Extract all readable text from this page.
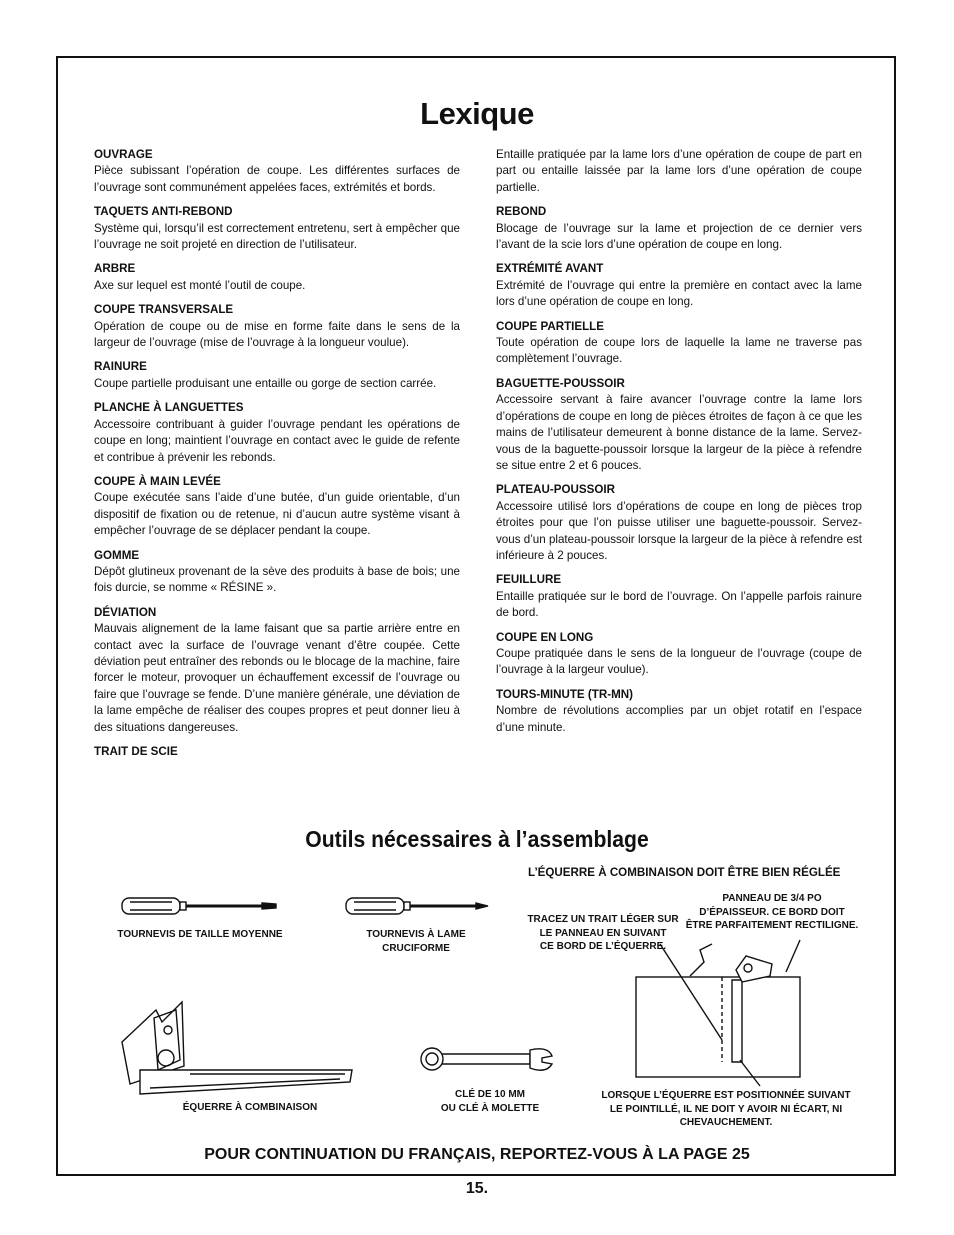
Lexique
OUVRAGE
Pièce subissant l’opération de coupe. Les différentes surfaces de l’ouvrage sont communément appelées faces, extrémités et bords.
TAQUETS ANTI-REBOND
Système qui, lorsqu’il est correctement entretenu, sert à empêcher que l’ouvrage ne soit projeté en direction de l’utilisateur.
ARBRE
Axe sur lequel est monté l’outil de coupe.
COUPE TRANSVERSALE
Opération de coupe ou de mise en forme faite dans le sens de la largeur de l’ouvrage (mise de l’ouvrage à la longueur voulue).
RAINURE
Coupe partielle produisant une entaille ou gorge de section carrée.
PLANCHE À LANGUETTES
Accessoire contribuant à guider l’ouvrage pendant les opérations de coupe en long; maintient l’ouvrage en contact avec le guide de refente et contribue à prévenir les rebonds.
COUPE À MAIN LEVÉE
Coupe exécutée sans l’aide d’une butée, d’un guide orientable, d’un dispositif de fixation ou de retenue, ni d’aucun autre système visant à empêcher l’ouvrage de se déplacer pendant la coupe.
GOMME
Dépôt glutineux provenant de la sève des produits à base de bois; une fois durcie, se nomme « RÉSINE ».
DÉVIATION
Mauvais alignement de la lame faisant que sa partie arrière entre en contact avec la surface de l’ouvrage venant d’être coupée. Cette déviation peut entraîner des rebonds ou le blocage de la machine, faire forcer le moteur, provoquer un échauffement excessif de l’ouvrage ou faire que l’ouvrage se fende. D’une manière générale, une déviation de la lame empêche de réaliser des coupes propres et peut donner lieu à des situations dangereuses.
TRAIT DE SCIE
Entaille pratiquée par la lame lors d’une opération de coupe de part en part ou entaille laissée par la lame lors d’une opération de coupe partielle.
REBOND
Blocage de l’ouvrage sur la lame et projection de ce dernier vers l’avant de la scie lors d’une opération de coupe en long.
EXTRÉMITÉ AVANT
Extrémité de l’ouvrage qui entre la première en contact avec la lame lors d’une opération de coupe en long.
COUPE PARTIELLE
Toute opération de coupe lors de laquelle la lame ne traverse pas complètement l’ouvrage.
BAGUETTE-POUSSOIR
Accessoire servant à faire avancer l’ouvrage contre la lame lors d’opérations de coupe en long de pièces étroites de façon à ce que les mains de l’utilisateur demeurent à bonne distance de la lame. Servez-vous de la baguette-poussoir lorsque la largeur de la pièce à refendre se situe entre 2 et 6 pouces.
PLATEAU-POUSSOIR
Accessoire utilisé lors d’opérations de coupe en long de pièces trop étroites pour que l’on puisse utiliser une baguette-poussoir. Servez-vous d’un plateau-poussoir lorsque la largeur de la pièce à refendre est inférieure à 2 pouces.
FEUILLURE
Entaille pratiquée sur le bord de l’ouvrage. On l’appelle parfois rainure de bord.
COUPE EN LONG
Coupe pratiquée dans le sens de la longueur de l’ouvrage (coupe de l’ouvrage à la largeur voulue).
TOURS-MINUTE (TR-MN)
Nombre de révolutions accomplies par un objet rotatif en l’espace d’une minute.
Outils nécessaires à l’assemblage
L’ÉQUERRE À COMBINAISON DOIT ÊTRE BIEN RÉGLÉE
TOURNEVIS DE TAILLE MOYENNE	TOURNEVIS À LAME
CRUCIFORME
ÉQUERRE À COMBINAISON
CLÉ DE 10 MM
OU CLÉ À MOLETTE
TRACEZ UN TRAIT LÉGER SUR
LE PANNEAU EN SUIVANT
CE BORD DE L’ÉQUERRE.
PANNEAU DE 3/4 PO
D’ÉPAISSEUR. CE BORD DOIT
ÊTRE PARFAITEMENT RECTILIGNE.
LORSQUE L’ÉQUERRE EST POSITIONNÉE SUIVANT
LE POINTILLÉ, IL NE DOIT Y AVOIR NI ÉCART, NI
CHEVAUCHEMENT.
POUR CONTINUATION DU FRANÇAIS, REPORTEZ-VOUS À LA PAGE 25
15.
